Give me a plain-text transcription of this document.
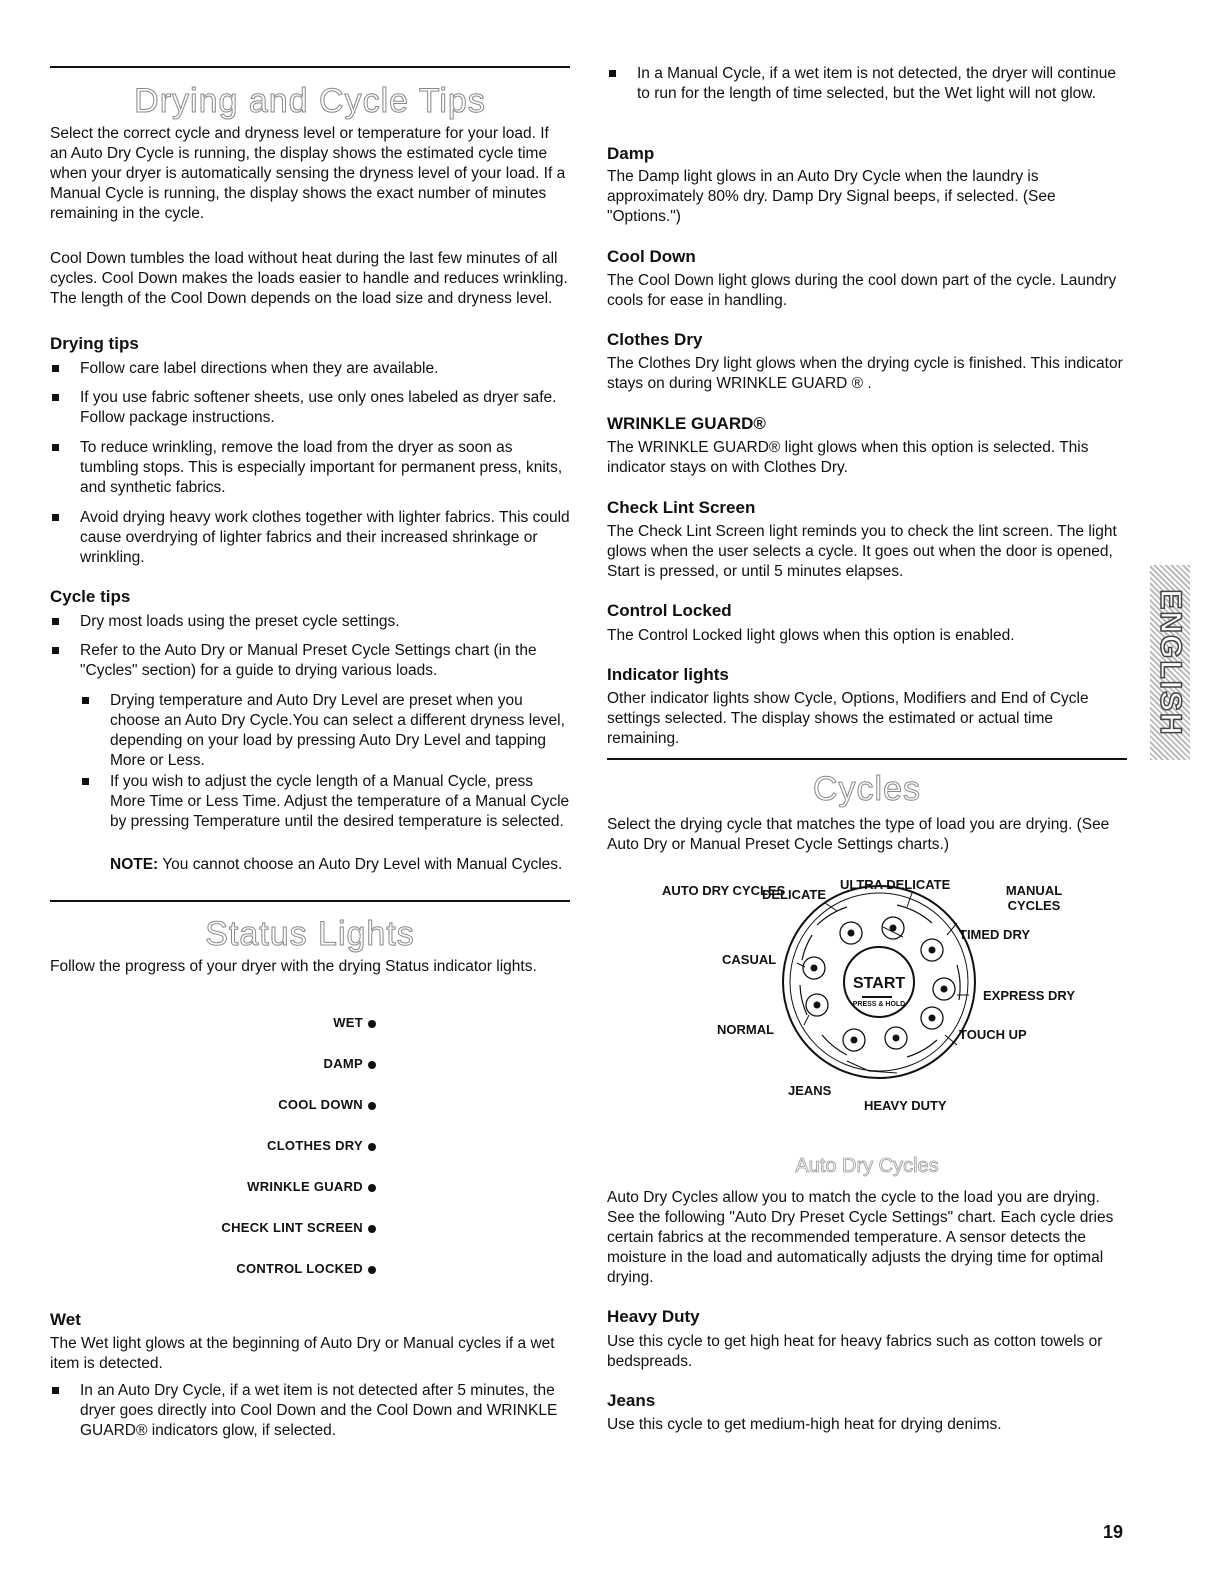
Drying and Cycle Tips

Select the correct cycle and dryness level or temperature for your load. If an Auto Dry Cycle is running, the display shows the estimated cycle time when your dryer is automatically sensing the dryness level of your load. If a Manual Cycle is running, the display shows the exact number of minutes remaining in the cycle.

Cool Down tumbles the load without heat during the last few minutes of all cycles. Cool Down makes the loads easier to handle and reduces wrinkling. The length of the Cool Down depends on the load size and dryness level.

Drying tips
Follow care label directions when they are available.
If you use fabric softener sheets, use only ones labeled as dryer safe. Follow package instructions.
To reduce wrinkling, remove the load from the dryer as soon as tumbling stops. This is especially important for permanent press, knits, and synthetic fabrics.
Avoid drying heavy work clothes together with lighter fabrics. This could cause overdrying of lighter fabrics and their increased shrinkage or wrinkling.
Cycle tips
Dry most loads using the preset cycle settings.
Refer to the Auto Dry or Manual Preset Cycle Settings chart (in the "Cycles" section) for a guide to drying various loads.
Drying temperature and Auto Dry Level are preset when you choose an Auto Dry Cycle.You can select a different dryness level, depending on your load by pressing Auto Dry Level and tapping More or Less.
If you wish to adjust the cycle length of a Manual Cycle, press More Time or Less Time. Adjust the temperature of a Manual Cycle by pressing Temperature until the desired temperature is selected.

NOTE: You cannot choose an Auto Dry Level with Manual Cycles.

Status Lights

Follow the progress of your dryer with the drying Status indicator lights.

WET
DAMP
COOL DOWN
CLOTHES DRY
WRINKLE GUARD
CHECK LINT SCREEN
CONTROL LOCKED
Wet

The Wet light glows at the beginning of Auto Dry or Manual cycles if a wet item is detected.

In an Auto Dry Cycle, if a wet item is not detected after 5 minutes, the dryer goes directly into Cool Down and the Cool Down and WRINKLE GUARD® indicators glow, if selected.
In a Manual Cycle, if a wet item is not detected, the dryer will continue to run for the length of time selected, but the Wet light will not glow.
Damp

The Damp light glows in an Auto Dry Cycle when the laundry is approximately 80% dry. Damp Dry Signal beeps, if selected. (See "Options.")

Cool Down

The Cool Down light glows during the cool down part of the cycle. Laundry cools for ease in handling.

Clothes Dry

The Clothes Dry light glows when the drying cycle is finished. This indicator stays on during WRINKLE GUARD ® .

WRINKLE GUARD®

The WRINKLE GUARD® light glows when this option is selected. This indicator stays on with Clothes Dry.

Check Lint Screen

The Check Lint Screen light reminds you to check the lint screen. The light glows when the user selects a cycle. It goes out when the door is opened, Start is pressed, or until 5 minutes elapses.

Control Locked

The Control Locked light glows when this option is enabled.

Indicator lights

Other indicator lights show Cycle, Options, Modifiers and End of Cycle settings selected. The display shows the estimated or actual time remaining.

Cycles

Select the drying cycle that matches the type of load you are drying. (See Auto Dry or Manual Preset Cycle Settings charts.)

AUTO DRY CYCLES
DELICATE
ULTRA DELICATE	MANUAL CYCLES
TIMED DRY
CASUAL
EXPRESS DRY
NORMAL	TOUCH UP
JEANS
HEAVY DUTY
START
PRESS & HOLD
Auto Dry Cycles

Auto Dry Cycles allow you to match the cycle to the load you are drying. See the following "Auto Dry Preset Cycle Settings" chart. Each cycle dries certain fabrics at the recommended temperature. A sensor detects the moisture in the load and automatically adjusts the drying time for optimal drying.

Heavy Duty

Use this cycle to get high heat for heavy fabrics such as cotton towels or bedspreads.

Jeans

Use this cycle to get medium-high heat for drying denims.

ENGLISH
19
